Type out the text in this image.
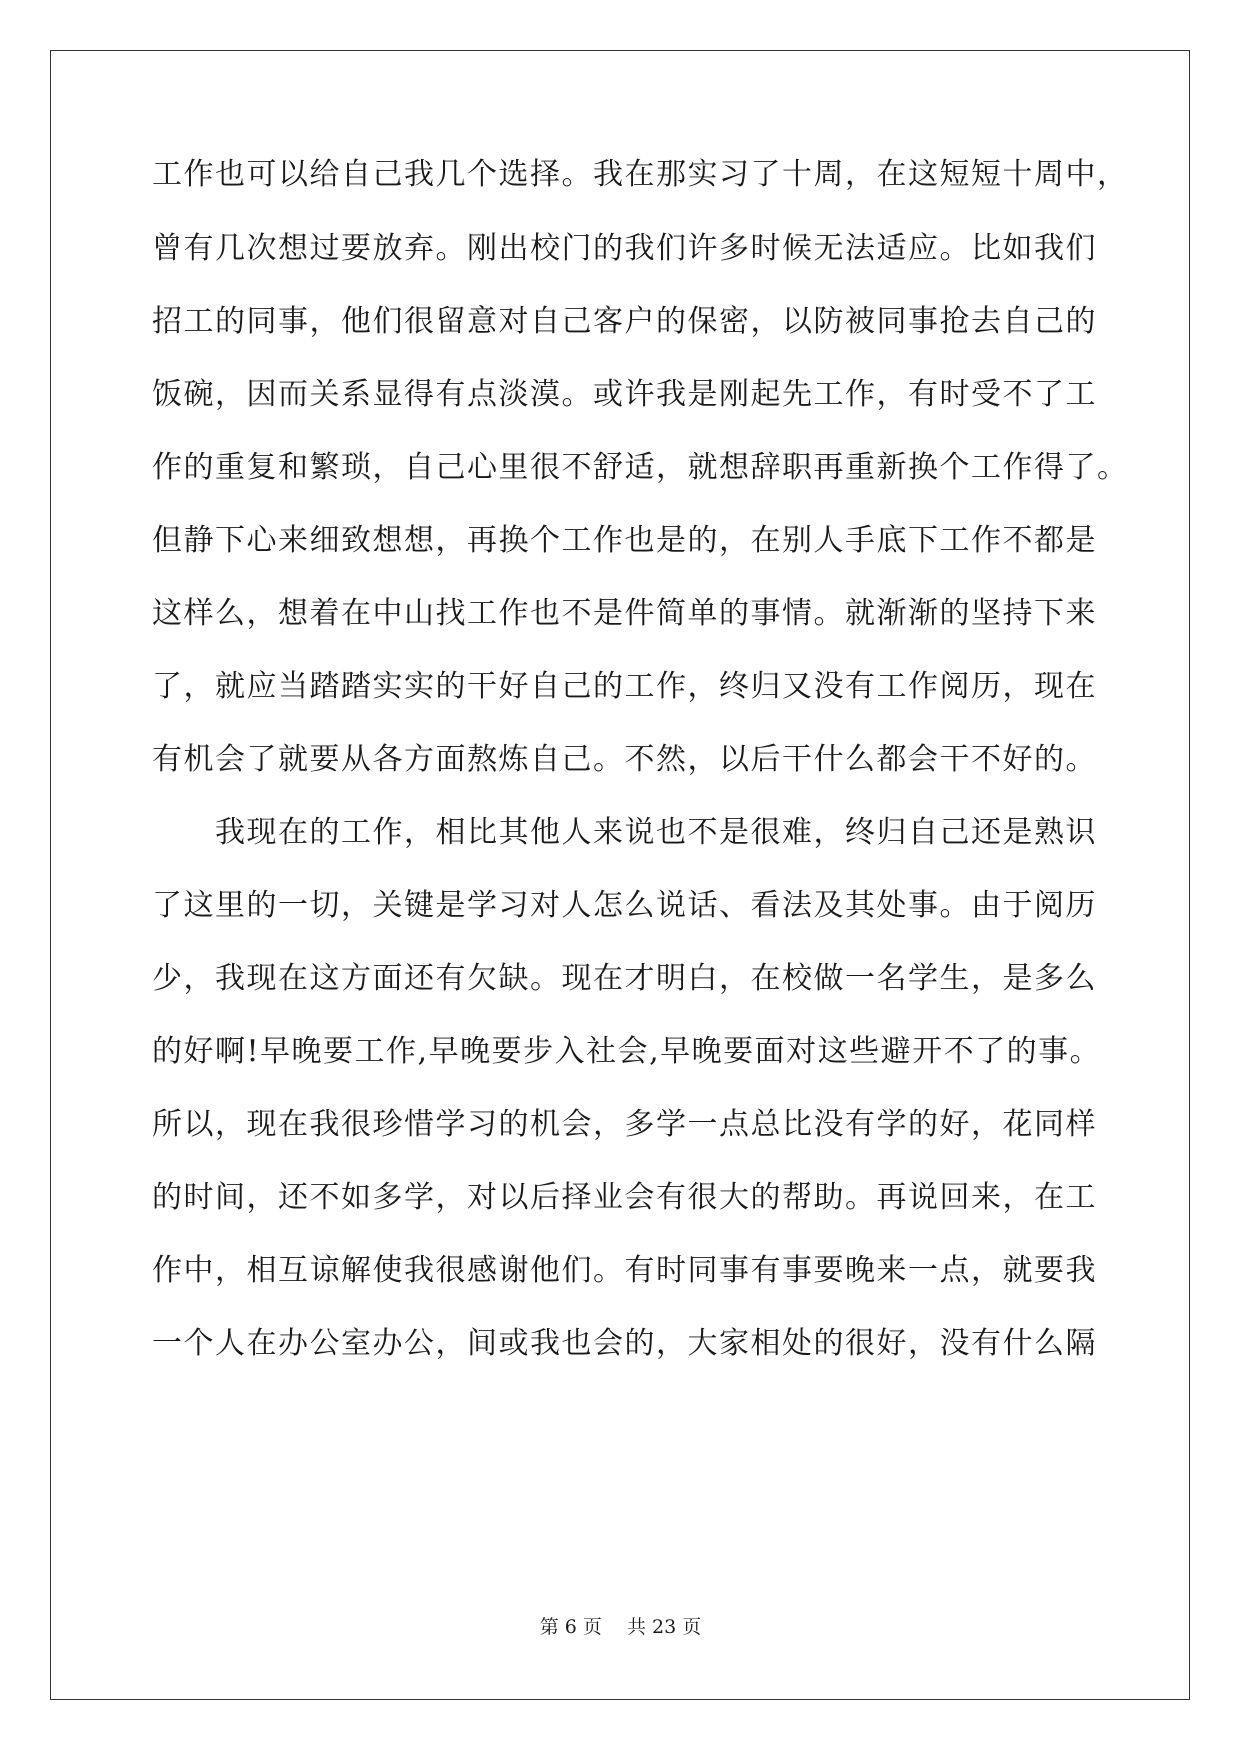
工作也可以给自己我几个选择。我在那实习了十周，在这短短十周中，
曾有几次想过要放弃。刚出校门的我们许多时候无法适应。比如我们
招工的同事，他们很留意对自己客户的保密，以防被同事抢去自己的
饭碗，因而关系显得有点淡漠。或许我是刚起先工作，有时受不了工
作的重复和繁琐，自己心里很不舒适，就想辞职再重新换个工作得了。
但静下心来细致想想，再换个工作也是的，在别人手底下工作不都是
这样么，想着在中山找工作也不是件简单的事情。就渐渐的坚持下来
了，就应当踏踏实实的干好自己的工作，终归又没有工作阅历，现在
有机会了就要从各方面熬炼自己。不然，以后干什么都会干不好的。
　　我现在的工作，相比其他人来说也不是很难，终归自己还是熟识
了这里的一切，关键是学习对人怎么说话、看法及其处事。由于阅历
少，我现在这方面还有欠缺。现在才明白，在校做一名学生，是多么
的好啊!早晚要工作,早晚要步入社会,早晚要面对这些避开不了的事。
所以，现在我很珍惜学习的机会，多学一点总比没有学的好，花同样
的时间，还不如多学，对以后择业会有很大的帮助。再说回来，在工
作中，相互谅解使我很感谢他们。有时同事有事要晚来一点，就要我
一个人在办公室办公，间或我也会的，大家相处的很好，没有什么隔
第 6 页　 共 23 页
